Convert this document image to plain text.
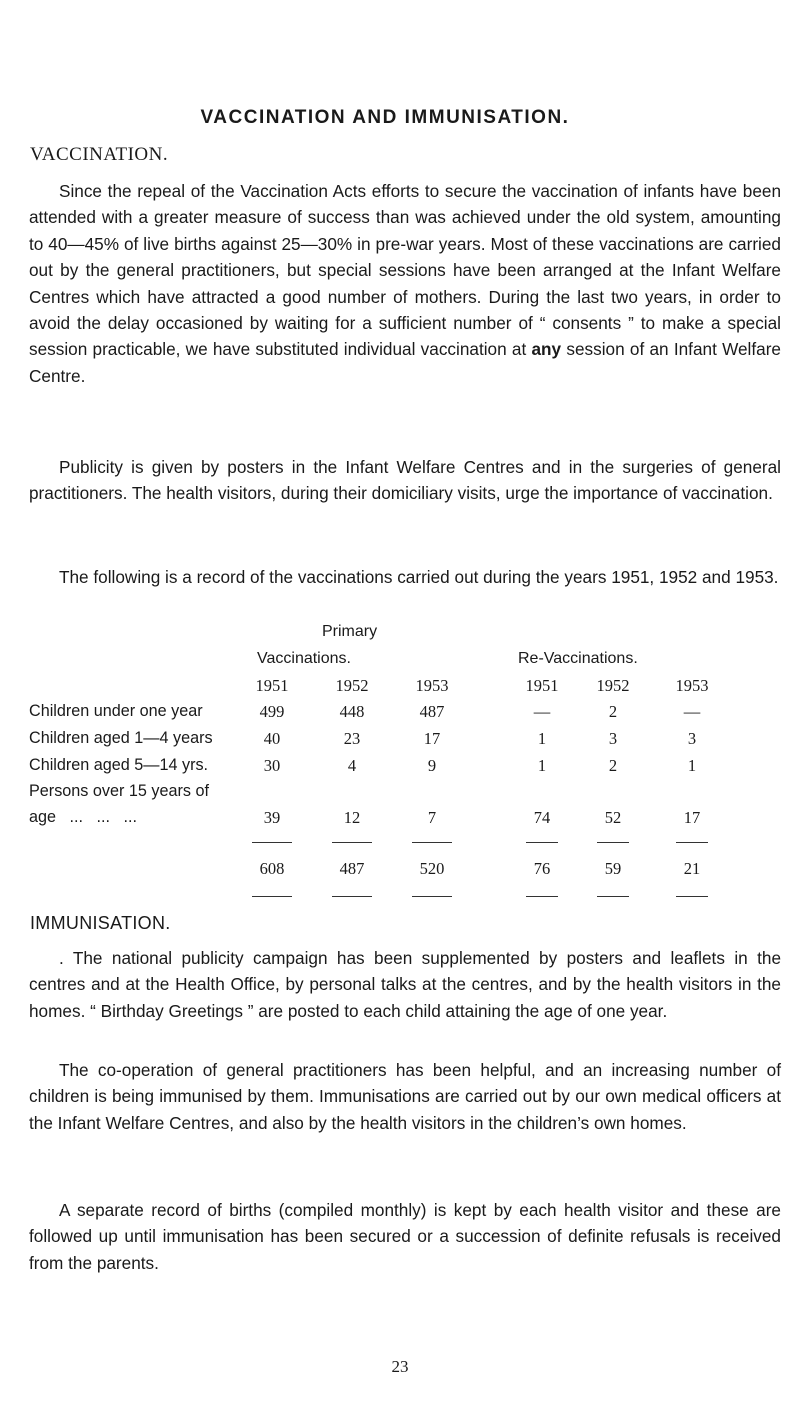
VACCINATION AND IMMUNISATION.
VACCINATION.

Since the repeal of the Vaccination Acts efforts to secure the vaccination of infants have been attended with a greater measure of success than was achieved under the old system, amounting to 40—45% of live births against 25—30% in pre-war years. Most of these vaccinations are carried out by the general practitioners, but special sessions have been arranged at the Infant Welfare Centres which have attracted a good number of mothers. During the last two years, in order to avoid the delay occasioned by waiting for a sufficient number of “ consents ” to make a special session practicable, we have substituted individual vaccination at any session of an Infant Welfare Centre.

Publicity is given by posters in the Infant Welfare Centres and in the surgeries of general practitioners. The health visitors, during their domiciliary visits, urge the importance of vaccination.

The following is a record of the vaccinations carried out during the years 1951, 1952 and 1953.

Primary
Vaccinations.	Re-Vaccinations.
1951	1952	1953	1951	1952	1953
Children under one year	499	448	487	—	2	—
Children aged 1—4 years	40	23	17	1	3	3
Children aged 5—14 yrs.	30	4	9	1	2	1
Persons over 15 years of
age   ...   ...   ...	39	12	7	74	52	17
608	487	520	76	59	21
IMMUNISATION.

. The national publicity campaign has been supplemented by posters and leaflets in the centres and at the Health Office, by personal talks at the centres, and by the health visitors in the homes. “ Birthday Greetings ” are posted to each child attaining the age of one year.

The co-operation of general practitioners has been helpful, and an increasing number of children is being immunised by them. Immunisations are carried out by our own medical officers at the Infant Welfare Centres, and also by the health visitors in the children’s own homes.

A separate record of births (compiled monthly) is kept by each health visitor and these are followed up until immunisation has been secured or a succession of definite refusals is received from the parents.

23
